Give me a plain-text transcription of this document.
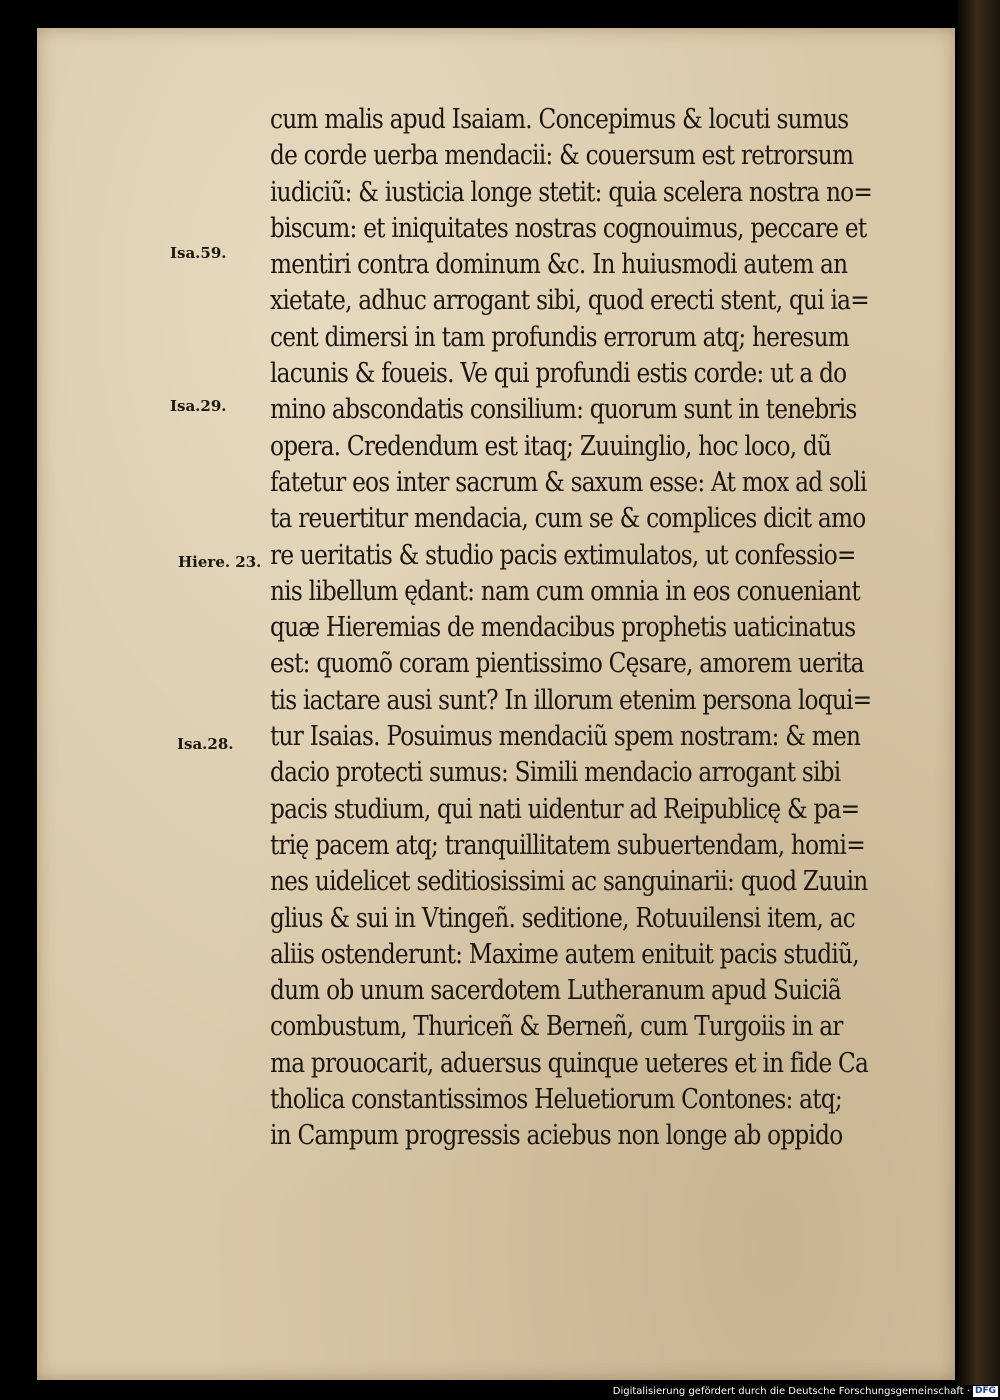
Isa.59.
Isa.29.
Hiere. 23.
Isa.28.
cum malis apud Isaiam. Concepimus & locuti sumus
de corde uerba mendacii: & couersum est retrorsum
iudiciũ: & iusticia longe stetit: quia scelera nostra no=
biscum: et iniquitates nostras cognouimus, peccare et
mentiri contra dominum &c. In huiusmodi autem an
xietate, adhuc arrogant sibi, quod erecti stent, qui ia=
cent dimersi in tam profundis errorum atq; heresum
lacunis & foueis. Ve qui profundi estis corde: ut a do
mino abscondatis consilium: quorum sunt in tenebris
opera. Credendum est itaq; Zuuinglio, hoc loco, dũ
fatetur eos inter sacrum & saxum esse: At mox ad soli
ta reuertitur mendacia, cum se & complices dicit amo
re ueritatis & studio pacis extimulatos, ut confessio=
nis libellum ędant: nam cum omnia in eos conueniant
quæ Hieremias de mendacibus prophetis uaticinatus
est: quomõ coram pientissimo Cęsare, amorem uerita
tis iactare ausi sunt? In illorum etenim persona loqui=
tur Isaias. Posuimus mendaciũ spem nostram: & men
dacio protecti sumus: Simili mendacio arrogant sibi
pacis studium, qui nati uidentur ad Reipublicę & pa=
trię pacem atq; tranquillitatem subuertendam, homi=
nes uidelicet seditiosissimi ac sanguinarii: quod Zuuin
glius & sui in Vtingeñ. seditione, Rotuuilensi item, ac
aliis ostenderunt: Maxime autem enituit pacis studiũ,
dum ob unum sacerdotem Lutheranum apud Suiciã
combustum, Thuriceñ & Berneñ, cum Turgoiis in ar
ma prouocarit, aduersus quinque ueteres et in fide Ca
tholica constantissimos Heluetiorum Contones: atq;
in Campum progressis aciebus non longe ab oppido
Digitalisierung gefördert durch die Deutsche Forschungsgemeinschaft · DFG
